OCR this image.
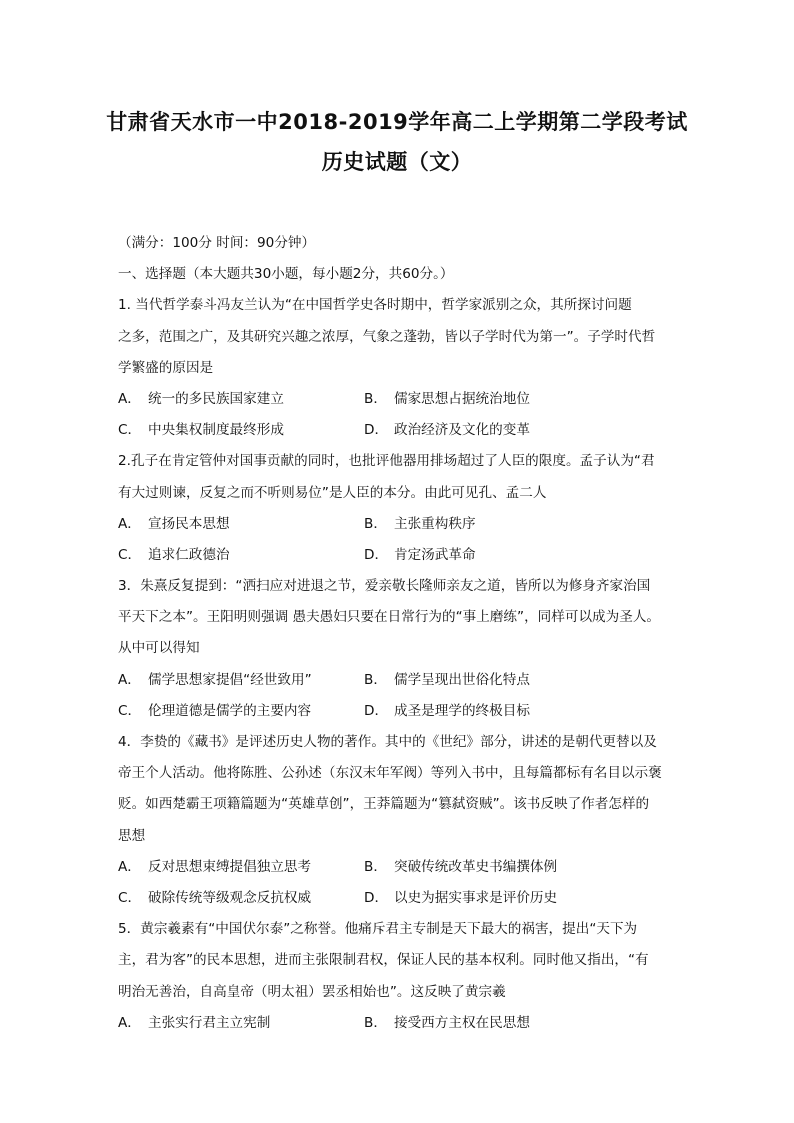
甘肃省天水市一中2018-2019学年高二上学期第二学段考试
历史试题（文）
（满分：100分 时间：90分钟）
一、选择题（本大题共30小题，每小题2分，共60分。）
1. 当代哲学泰斗冯友兰认为“在中国哲学史各时期中，哲学家派别之众，其所探讨问题
之多，范围之广，及其研究兴趣之浓厚，气象之蓬勃，皆以子学时代为第一”。子学时代哲
学繁盛的原因是
A． 统一的多民族国家建立	B． 儒家思想占据统治地位
C． 中央集权制度最终形成	D． 政治经济及文化的变革
2.孔子在肯定管仲对国事贡献的同时，也批评他器用排场超过了人臣的限度。孟子认为“君
有大过则谏，反复之而不听则易位”是人臣的本分。由此可见孔、孟二人
A． 宣扬民本思想	B． 主张重构秩序
C． 追求仁政德治	D． 肯定汤武革命
3．朱熹反复提到：“洒扫应对进退之节，爱亲敬长隆师亲友之道，皆所以为修身齐家治国
平天下之本”。王阳明则强调 愚夫愚妇只要在日常行为的“事上磨练”，同样可以成为圣人。
从中可以得知
A． 儒学思想家提倡“经世致用”	B． 儒学呈现出世俗化特点
C． 伦理道德是儒学的主要内容	D． 成圣是理学的终极目标
4．李贽的《藏书》是评述历史人物的著作。其中的《世纪》部分，讲述的是朝代更替以及
帝王个人活动。他将陈胜、公孙述（东汉末年军阀）等列入书中，且每篇都标有名目以示褒
贬。如西楚霸王项籍篇题为“英雄草创”，王莽篇题为“篡弑资贼”。该书反映了作者怎样的
思想
A． 反对思想束缚提倡独立思考	B． 突破传统改革史书编撰体例
C． 破除传统等级观念反抗权威	D． 以史为据实事求是评价历史
5．黄宗羲素有“中国伏尔泰”之称誉。他痛斥君主专制是天下最大的祸害，提出“天下为
主，君为客”的民本思想，进而主张限制君权，保证人民的基本权利。同时他又指出，“有
明治无善治，自高皇帝（明太祖）罢丞相始也”。这反映了黄宗羲
A． 主张实行君主立宪制	B． 接受西方主权在民思想
